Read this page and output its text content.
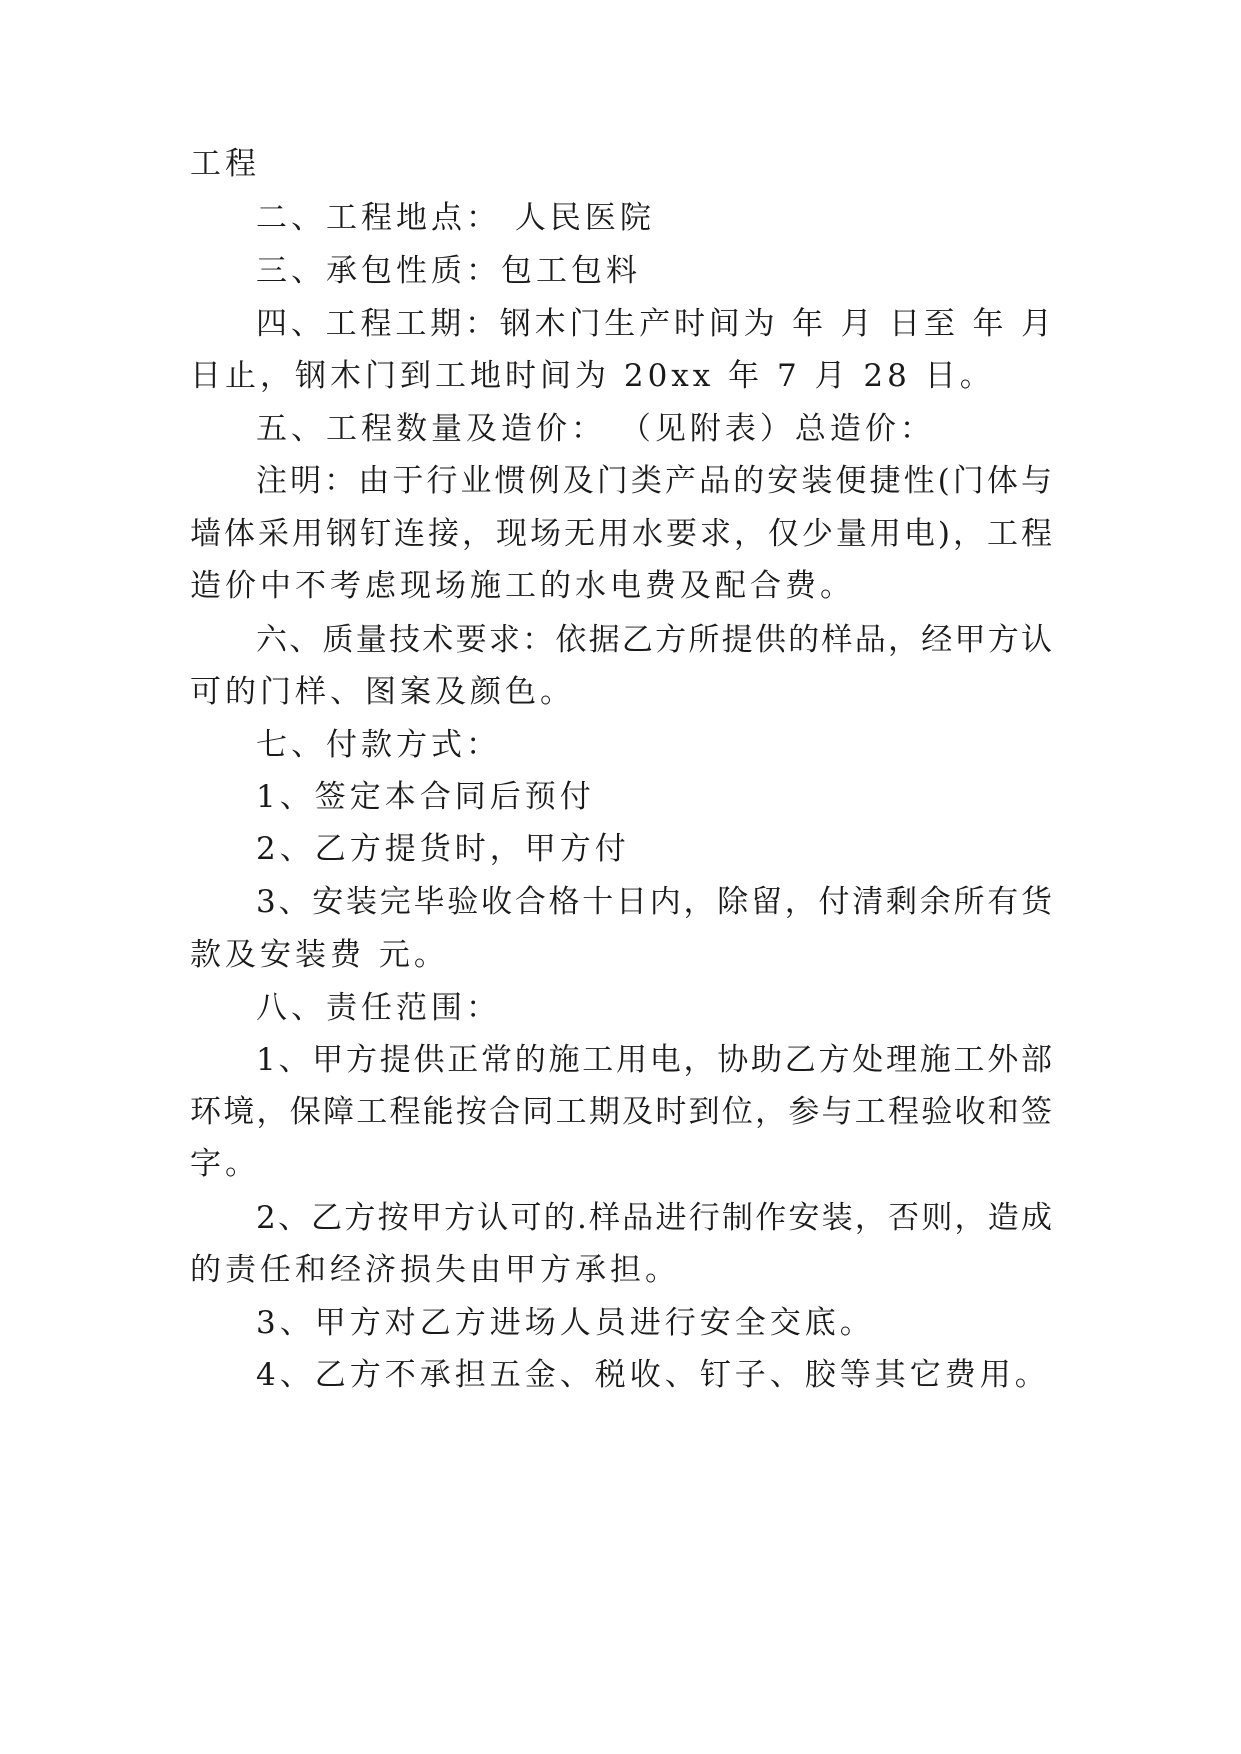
工程
二、工程地点： 人民医院
三、承包性质：包工包料
四、工程工期：钢木门生产时间为 年 月 日至 年 月
日止，钢木门到工地时间为 20xx 年 7 月 28 日。
五、工程数量及造价： （见附表）总造价：
注明：由于行业惯例及门类产品的安装便捷性(门体与
墙体采用钢钉连接，现场无用水要求，仅少量用电)，工程
造价中不考虑现场施工的水电费及配合费。
六、质量技术要求：依据乙方所提供的样品，经甲方认
可的门样、图案及颜色。
七、付款方式：
1、签定本合同后预付
2、乙方提货时，甲方付
3、安装完毕验收合格十日内，除留，付清剩余所有货
款及安装费 元。
八、责任范围：
1、甲方提供正常的施工用电，协助乙方处理施工外部
环境，保障工程能按合同工期及时到位，参与工程验收和签
字。
2、乙方按甲方认可的.样品进行制作安装，否则，造成
的责任和经济损失由甲方承担。
3、甲方对乙方进场人员进行安全交底。
4、乙方不承担五金、税收、钉子、胶等其它费用。
